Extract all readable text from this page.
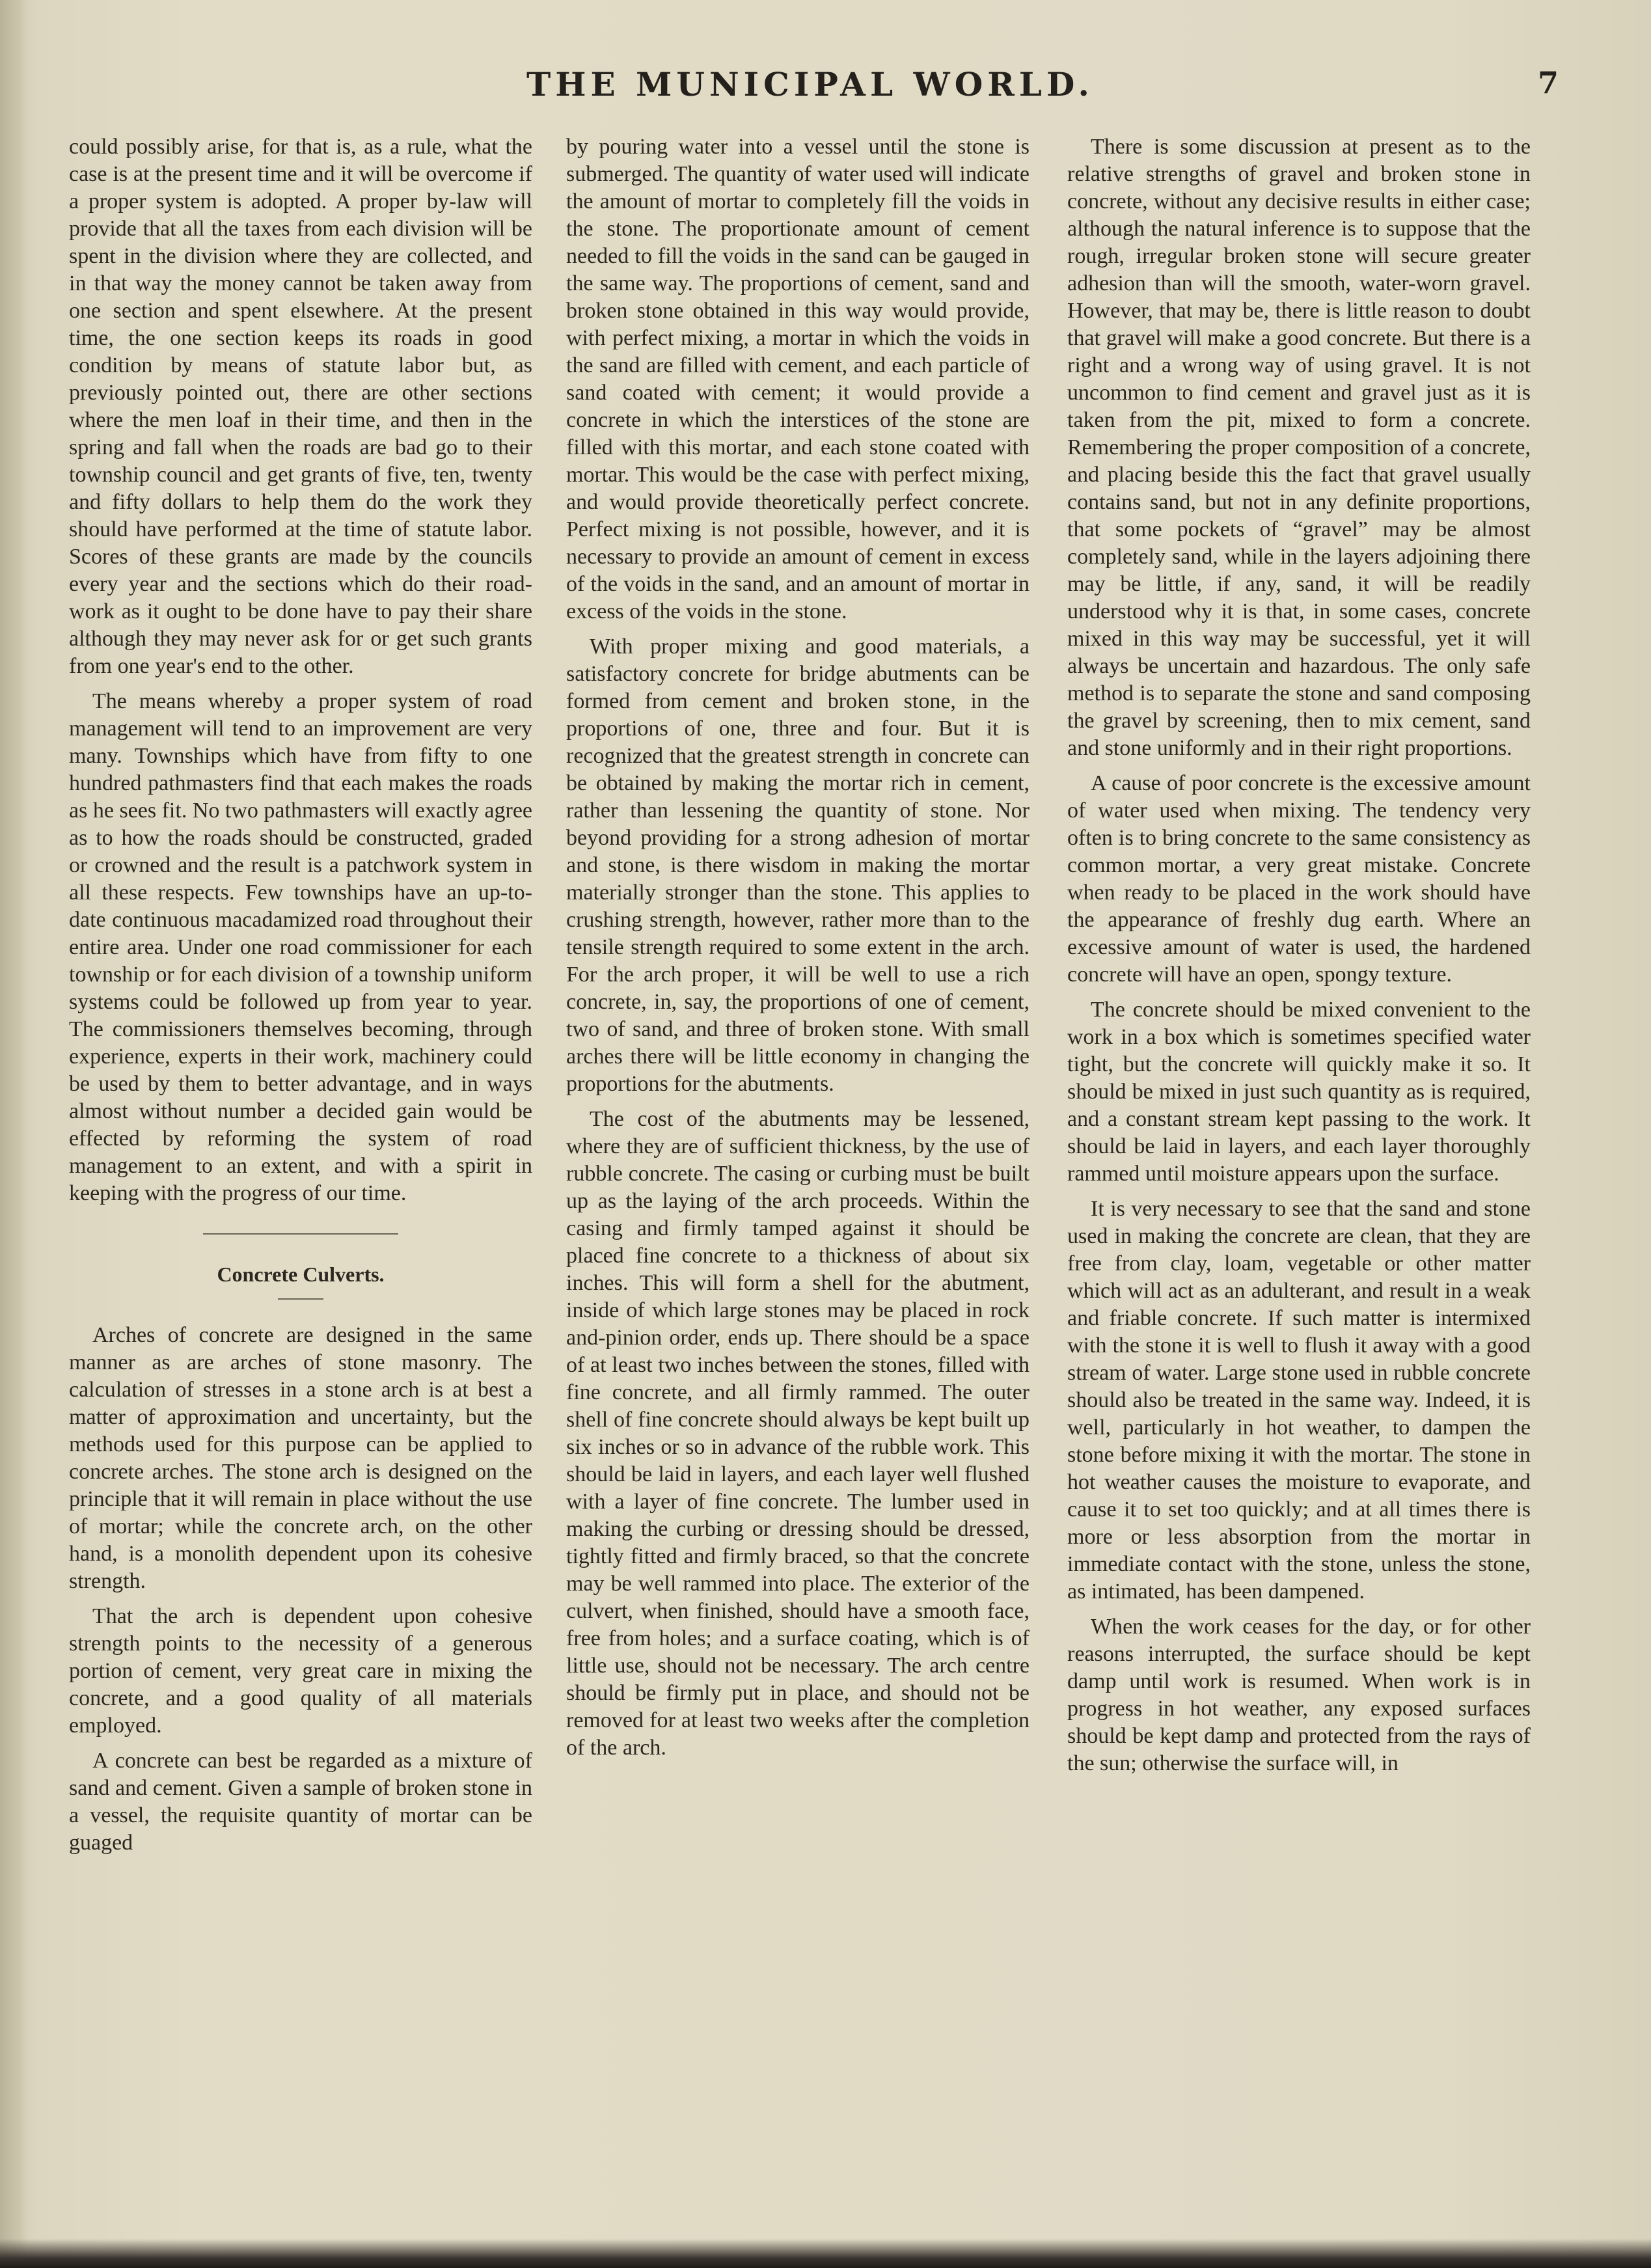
THE MUNICIPAL WORLD.	7

could possibly arise, for that is, as a rule, what the case is at the present time and it will be overcome if a proper system is adopted. A proper by-law will provide that all the taxes from each division will be spent in the division where they are collected, and in that way the money cannot be taken away from one section and spent elsewhere. At the present time, the one section keeps its roads in good condition by means of statute labor but, as previously pointed out, there are other sections where the men loaf in their time, and then in the spring and fall when the roads are bad go to their township council and get grants of five, ten, twenty and fifty dollars to help them do the work they should have performed at the time of statute labor. Scores of these grants are made by the councils every year and the sections which do their road-work as it ought to be done have to pay their share although they may never ask for or get such grants from one year's end to the other.

The means whereby a proper system of road management will tend to an improvement are very many. Townships which have from fifty to one hundred pathmasters find that each makes the roads as he sees fit. No two pathmasters will exactly agree as to how the roads should be constructed, graded or crowned and the result is a patchwork system in all these respects. Few townships have an up-to-date continuous macadamized road throughout their entire area. Under one road commissioner for each township or for each division of a township uniform systems could be followed up from year to year. The commissioners themselves becoming, through experience, experts in their work, machinery could be used by them to better advantage, and in ways almost without number a decided gain would be effected by reforming the system of road management to an extent, and with a spirit in keeping with the progress of our time.

Concrete Culverts.

Arches of concrete are designed in the same manner as are arches of stone masonry. The calculation of stresses in a stone arch is at best a matter of approximation and uncertainty, but the methods used for this purpose can be applied to concrete arches. The stone arch is designed on the principle that it will remain in place without the use of mortar; while the concrete arch, on the other hand, is a monolith dependent upon its cohesive strength.

That the arch is dependent upon cohesive strength points to the necessity of a generous portion of cement, very great care in mixing the concrete, and a good quality of all materials employed.

A concrete can best be regarded as a mixture of sand and cement. Given a sample of broken stone in a vessel, the requisite quantity of mortar can be guaged

by pouring water into a vessel until the stone is submerged. The quantity of water used will indicate the amount of mortar to completely fill the voids in the stone. The proportionate amount of cement needed to fill the voids in the sand can be gauged in the same way. The proportions of cement, sand and broken stone obtained in this way would provide, with perfect mixing, a mortar in which the voids in the sand are filled with cement, and each particle of sand coated with cement; it would provide a concrete in which the interstices of the stone are filled with this mortar, and each stone coated with mortar. This would be the case with perfect mixing, and would provide theoretically perfect concrete. Perfect mixing is not possible, however, and it is necessary to provide an amount of cement in excess of the voids in the sand, and an amount of mortar in excess of the voids in the stone.

With proper mixing and good materials, a satisfactory concrete for bridge abutments can be formed from cement and broken stone, in the proportions of one, three and four. But it is recognized that the greatest strength in concrete can be obtained by making the mortar rich in cement, rather than lessening the quantity of stone. Nor beyond providing for a strong adhesion of mortar and stone, is there wisdom in making the mortar materially stronger than the stone. This applies to crushing strength, however, rather more than to the tensile strength required to some extent in the arch. For the arch proper, it will be well to use a rich concrete, in, say, the proportions of one of cement, two of sand, and three of broken stone. With small arches there will be little economy in changing the proportions for the abutments.

The cost of the abutments may be lessened, where they are of sufficient thickness, by the use of rubble concrete. The casing or curbing must be built up as the laying of the arch proceeds. Within the casing and firmly tamped against it should be placed fine concrete to a thickness of about six inches. This will form a shell for the abutment, inside of which large stones may be placed in rock and-pinion order, ends up. There should be a space of at least two inches between the stones, filled with fine concrete, and all firmly rammed. The outer shell of fine concrete should always be kept built up six inches or so in advance of the rubble work. This should be laid in layers, and each layer well flushed with a layer of fine concrete. The lumber used in making the curbing or dressing should be dressed, tightly fitted and firmly braced, so that the concrete may be well rammed into place. The exterior of the culvert, when finished, should have a smooth face, free from holes; and a surface coating, which is of little use, should not be necessary. The arch centre should be firmly put in place, and should not be removed for at least two weeks after the completion of the arch.

There is some discussion at present as to the relative strengths of gravel and broken stone in concrete, without any decisive results in either case; although the natural inference is to suppose that the rough, irregular broken stone will secure greater adhesion than will the smooth, water-worn gravel. However, that may be, there is little reason to doubt that gravel will make a good concrete. But there is a right and a wrong way of using gravel. It is not uncommon to find cement and gravel just as it is taken from the pit, mixed to form a concrete. Remembering the proper composition of a concrete, and placing beside this the fact that gravel usually contains sand, but not in any definite proportions, that some pockets of “gravel” may be almost completely sand, while in the layers adjoining there may be little, if any, sand, it will be readily understood why it is that, in some cases, concrete mixed in this way may be successful, yet it will always be uncertain and hazardous. The only safe method is to separate the stone and sand composing the gravel by screening, then to mix cement, sand and stone uniformly and in their right proportions.

A cause of poor concrete is the excessive amount of water used when mixing. The tendency very often is to bring concrete to the same consistency as common mortar, a very great mistake. Concrete when ready to be placed in the work should have the appearance of freshly dug earth. Where an excessive amount of water is used, the hardened concrete will have an open, spongy texture.

The concrete should be mixed convenient to the work in a box which is sometimes specified water tight, but the concrete will quickly make it so. It should be mixed in just such quantity as is required, and a constant stream kept passing to the work. It should be laid in layers, and each layer thoroughly rammed until moisture appears upon the surface.

It is very necessary to see that the sand and stone used in making the concrete are clean, that they are free from clay, loam, vegetable or other matter which will act as an adulterant, and result in a weak and friable concrete. If such matter is intermixed with the stone it is well to flush it away with a good stream of water. Large stone used in rubble concrete should also be treated in the same way. Indeed, it is well, particularly in hot weather, to dampen the stone before mixing it with the mortar. The stone in hot weather causes the moisture to evaporate, and cause it to set too quickly; and at all times there is more or less absorption from the mortar in immediate contact with the stone, unless the stone, as intimated, has been dampened.

When the work ceases for the day, or for other reasons interrupted, the surface should be kept damp until work is resumed. When work is in progress in hot weather, any exposed surfaces should be kept damp and protected from the rays of the sun; otherwise the surface will, in
